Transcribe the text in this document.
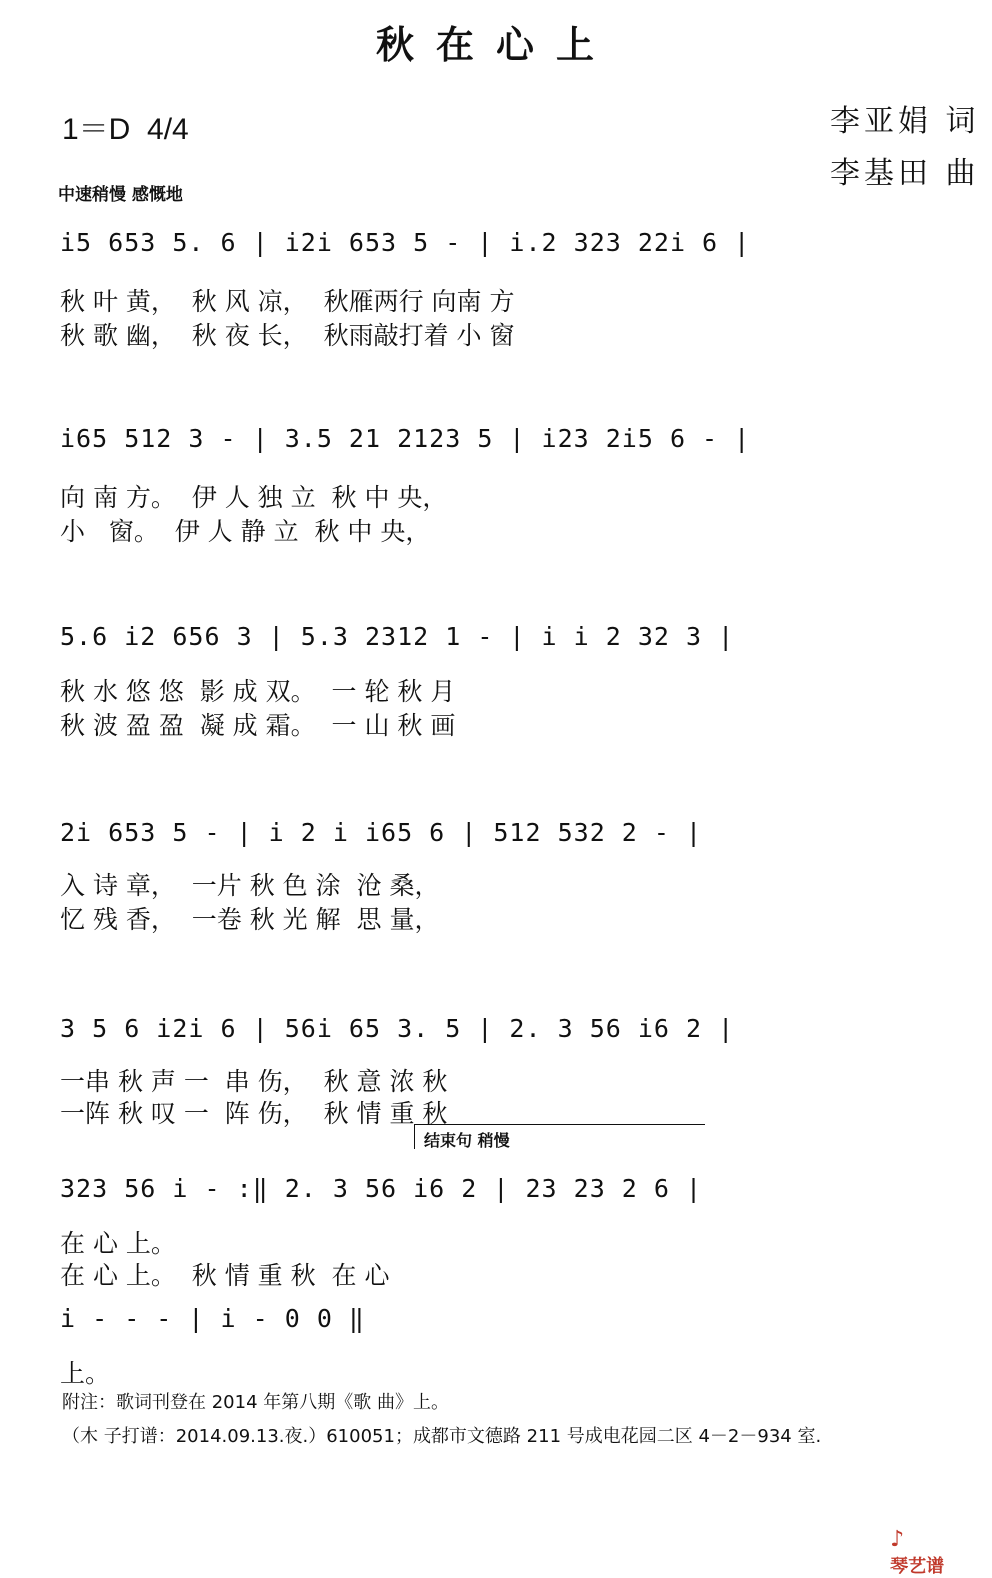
秋在心上
1＝D  4/4	李亚娟 词
李基田 曲
中速稍慢 感慨地
i5 653 5. 6 | i2i 653 5 - | i.2 323 22i 6 |
秋 叶 黄，  秋 风 凉，  秋雁两行 向南 方
秋 歌 幽，  秋 夜 长，  秋雨敲打着 小 窗
i65 512 3 - | 3.5 21 2123 5 | i23 2i5 6 - |
向 南 方。  伊 人 独 立  秋 中 央，
小   窗。  伊 人 静 立  秋 中 央，
5.6 i2 656 3 | 5.3 2312 1 - | i i 2 32 3 |
秋 水 悠 悠  影 成 双。  一 轮 秋 月
秋 波 盈 盈  凝 成 霜。  一 山 秋 画
2i 653 5 - | i 2 i i65 6 | 512 532 2 - |
入 诗 章，  一片 秋 色 涂  沧 桑，
忆 残 香，  一卷 秋 光 解  思 量，
3 5 6 i2i 6 | 56i 65 3. 5 | 2. 3 56 i6 2 |
一串 秋 声 一  串 伤，  秋 意 浓 秋
一阵 秋 叹 一  阵 伤，  秋 情 重 秋
结束句 稍慢
323 56 i - :‖ 2. 3 56 i6 2 | 23 23 2 6 |
在 心 上。
在 心 上。  秋 情 重 秋  在 心
i - - - | i - 0 0 ‖
上。
附注：歌词刊登在 2014 年第八期《歌 曲》上。
（木 子打谱：2014.09.13.夜.）610051；成都市文德路 211 号成电花园二区 4－2－934 室.

♪
琴艺谱
